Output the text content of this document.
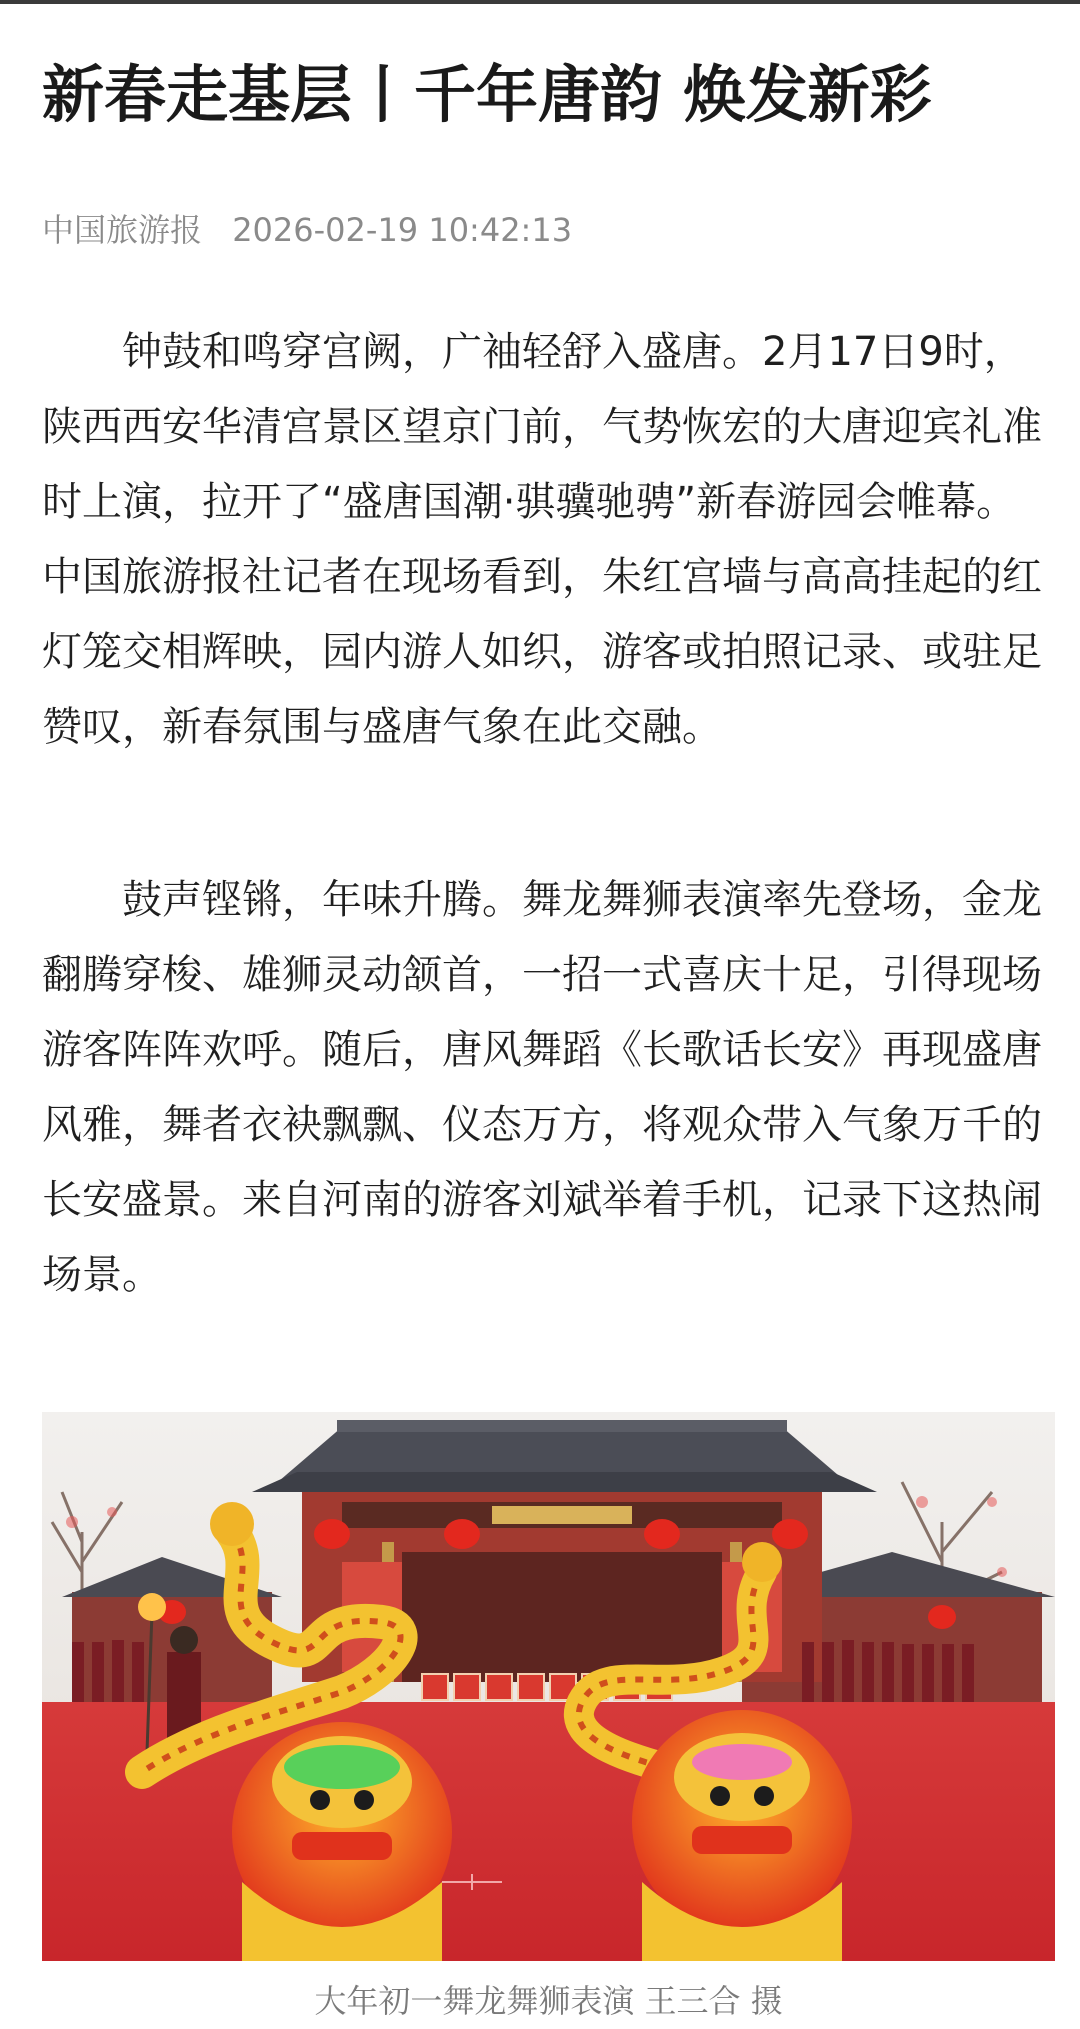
新春走基层丨千年唐韵 焕发新彩
中国旅游报 2026-02-19 10:42:13

钟鼓和鸣穿宫阙，广袖轻舒入盛唐。2月17日9时，陕西西安华清宫景区望京门前，气势恢宏的大唐迎宾礼准时上演，拉开了“盛唐国潮·骐骥驰骋”新春游园会帷幕。中国旅游报社记者在现场看到，朱红宫墙与高高挂起的红灯笼交相辉映，园内游人如织，游客或拍照记录、或驻足赞叹，新春氛围与盛唐气象在此交融。

鼓声铿锵，年味升腾。舞龙舞狮表演率先登场，金龙翻腾穿梭、雄狮灵动颔首，一招一式喜庆十足，引得现场游客阵阵欢呼。随后，唐风舞蹈《长歌话长安》再现盛唐风雅，舞者衣袂飘飘、仪态万方，将观众带入气象万千的长安盛景。来自河南的游客刘斌举着手机，记录下这热闹场景。

大年初一舞龙舞狮表演 王三合 摄
